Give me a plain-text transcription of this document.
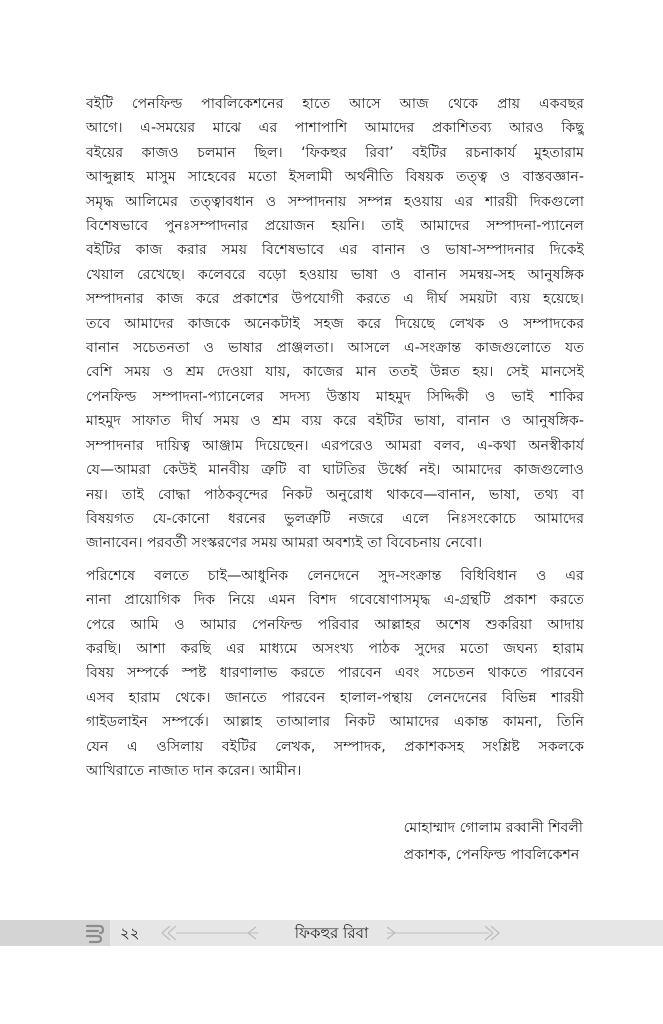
বইটি পেনফিল্ড পাবলিকেশনের হাতে আসে আজ থেকে প্রায় একবছর
আগে। এ-সময়ের মাঝে এর পাশাপাশি আমাদের প্রকাশিতব্য আরও কিছু
বইয়ের কাজও চলমান ছিল। ‘ফিকহুর রিবা’ বইটির রচনাকার্য মুহতারাম
আব্দুল্লাহ মাসুম সাহেবের মতো ইসলামী অর্থনীতি বিষয়ক তত্ত্ব ও বাস্তবজ্ঞান-
সমৃদ্ধ আলিমের তত্ত্বাবধান ও সম্পাদনায় সম্পন্ন হওয়ায় এর শারয়ী দিকগুলো
বিশেষভাবে পুনঃসম্পাদনার প্রয়োজন হয়নি। তাই আমাদের সম্পাদনা-প্যানেল
বইটির কাজ করার সময় বিশেষভাবে এর বানান ও ভাষা-সম্পাদনার দিকেই
খেয়াল রেখেছে। কলেবরে বড়ো হওয়ায় ভাষা ও বানান সমন্বয়-সহ আনুষঙ্গিক
সম্পাদনার কাজ করে প্রকাশের উপযোগী করতে এ দীর্ঘ সময়টা ব্যয় হয়েছে।
তবে আমাদের কাজকে অনেকটাই সহজ করে দিয়েছে লেখক ও সম্পাদকের
বানান সচেতনতা ও ভাষার প্রাঞ্জলতা। আসলে এ-সংক্রান্ত কাজগুলোতে যত
বেশি সময় ও শ্রম দেওয়া যায়, কাজের মান ততই উন্নত হয়। সেই মানসেই
পেনফিল্ড সম্পাদনা-প্যানেলের সদস্য উস্তায মাহমুদ সিদ্দিকী ও ভাই শাকির
মাহমুদ সাফাত দীর্ঘ সময় ও শ্রম ব্যয় করে বইটির ভাষা, বানান ও আনুষঙ্গিক-
সম্পাদনার দায়িত্ব আঞ্জাম দিয়েছেন। এরপরেও আমরা বলব, এ-কথা অনস্বীকার্য
যে—আমরা কেউই মানবীয় ত্রুটি বা ঘাটতির উর্ধ্বে নই। আমাদের কাজগুলোও
নয়। তাই বোদ্ধা পাঠকবৃন্দের নিকট অনুরোধ থাকবে—বানান, ভাষা, তথ্য বা
বিষয়গত যে-কোনো ধরনের ভুলত্রুটি নজরে এলে নিঃসংকোচে আমাদের
জানাবেন। পরবর্তী সংস্করণের সময় আমরা অবশ্যই তা বিবেচনায় নেবো।

পরিশেষে বলতে চাই—আধুনিক লেনদেনে সুদ-সংক্রান্ত বিধিবিধান ও এর
নানা প্রায়োগিক দিক নিয়ে এমন বিশদ গবেষোণাসমৃদ্ধ এ-গ্রন্থটি প্রকাশ করতে
পেরে আমি ও আমার পেনফিল্ড পরিবার আল্লাহর অশেষ শুকরিয়া আদায়
করছি। আশা করছি এর মাধ্যমে অসংখ্য পাঠক সুদের মতো জঘন্য হারাম
বিষয় সম্পর্কে স্পষ্ট ধারণালাভ করতে পারবেন এবং সচেতন থাকতে পারবেন
এসব হারাম থেকে। জানতে পারবেন হালাল-পন্থায় লেনদেনের বিভিন্ন শারয়ী
গাইডলাইন সম্পর্কে। আল্লাহ তাআলার নিকট আমাদের একান্ত কামনা, তিনি
যেন এ ওসিলায় বইটির লেখক, সম্পাদক, প্রকাশকসহ সংশ্লিষ্ট সকলকে
আখিরাতে নাজাত দান করেন। আমীন।

মোহাম্মাদ গোলাম রব্বানী শিবলী
প্রকাশক, পেনফিল্ড পাবলিকেশন
২২	ফিকহুর রিবা
